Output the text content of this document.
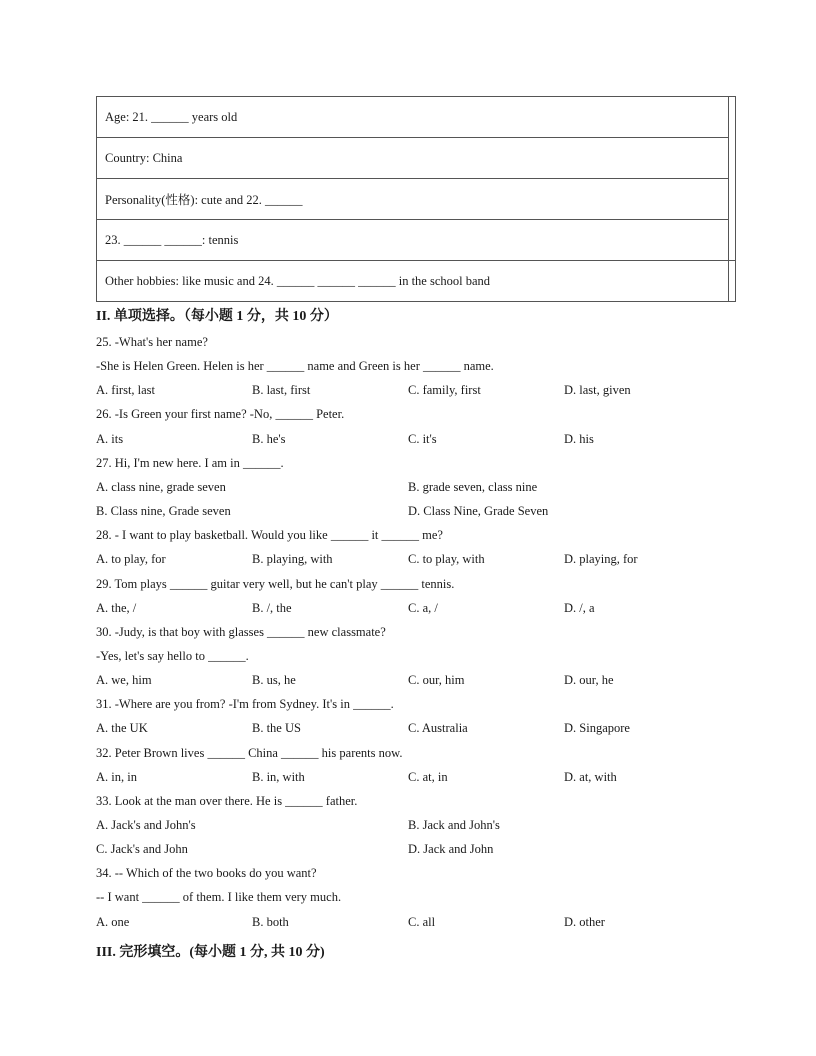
Age: 21. ______ years old	
Country: China	
Personality(性格): cute and 22. ______	
23. ______ ______: tennis	
Other hobbies: like music and 24. ______ ______ ______ in the school band	
II. 单项选择。（每小题 1 分，共 10 分）
25. -What's her name?
-She is Helen Green. Helen is her ______ name and Green is her ______ name.
A. first, last	B. last, first	C. family, first	D. last, given
26. -Is Green your first name? -No, ______ Peter.
A. its	B. he's	C. it's	D. his
27. Hi, I'm new here. I am in ______.
A. class nine, grade seven	B. grade seven, class nine
B. Class nine, Grade seven	D. Class Nine, Grade Seven
28. - I want to play basketball. Would you like ______ it ______ me?
A. to play, for	B. playing, with	C. to play, with	D. playing, for
29. Tom plays ______ guitar very well, but he can't play ______ tennis.
A. the, /	B. /, the	C. a, /	D. /, a
30. -Judy, is that boy with glasses ______ new classmate?
-Yes, let's say hello to ______.
A. we, him	B. us, he	C. our, him	D. our, he
31. -Where are you from? -I'm from Sydney. It's in ______.
A. the UK	B. the US	C. Australia	D. Singapore
32. Peter Brown lives ______ China ______ his parents now.
A. in, in	B. in, with	C. at, in	D. at, with
33. Look at the man over there. He is ______ father.
A. Jack's and John's	B. Jack and John's
C. Jack's and John	D. Jack and John
34. -- Which of the two books do you want?
-- I want ______ of them. I like them very much.
A. one	B. both	C. all	D. other
III. 完形填空。(每小题 1 分, 共 10 分)
